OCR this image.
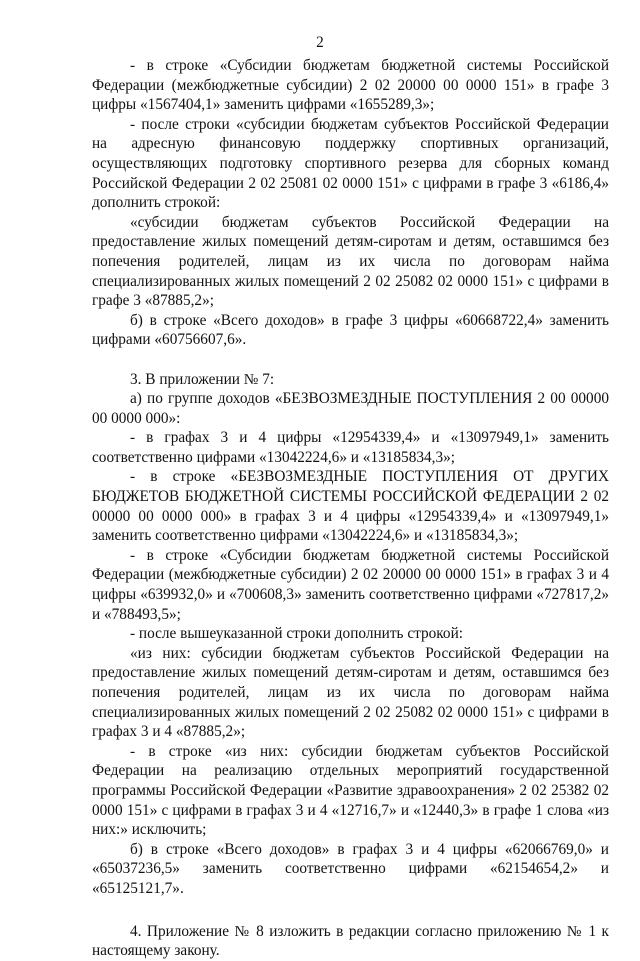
2

- в строке «Субсидии бюджетам бюджетной системы Российской Федерации (межбюджетные субсидии) 2 02 20000 00 0000 151» в графе 3 цифры «1567404,1» заменить цифрами «1655289,3»;

- после строки «субсидии бюджетам субъектов Российской Федерации на адресную финансовую поддержку спортивных организаций, осуществляющих подготовку спортивного резерва для сборных команд Российской Федерации 2 02 25081 02 0000 151» с цифрами в графе 3 «6186,4» дополнить строкой:

«субсидии бюджетам субъектов Российской Федерации на предоставление жилых помещений детям-сиротам и детям, оставшимся без попечения родителей, лицам из их числа по договорам найма специализированных жилых помещений 2 02 25082 02 0000 151» с цифрами в графе 3 «87885,2»;

б) в строке «Всего доходов» в графе 3 цифры «60668722,4» заменить цифрами «60756607,6».

3. В приложении № 7:

а) по группе доходов «БЕЗВОЗМЕЗДНЫЕ ПОСТУПЛЕНИЯ 2 00 00000 00 0000 000»:

- в графах 3 и 4 цифры «12954339,4» и «13097949,1» заменить соответственно цифрами «13042224,6» и «13185834,3»;

- в строке «БЕЗВОЗМЕЗДНЫЕ ПОСТУПЛЕНИЯ ОТ ДРУГИХ БЮДЖЕТОВ БЮДЖЕТНОЙ СИСТЕМЫ РОССИЙСКОЙ ФЕДЕРАЦИИ 2 02 00000 00 0000 000» в графах 3 и 4 цифры «12954339,4» и «13097949,1» заменить соответственно цифрами «13042224,6» и «13185834,3»;

- в строке «Субсидии бюджетам бюджетной системы Российской Федерации (межбюджетные субсидии) 2 02 20000 00 0000 151» в графах 3 и 4 цифры «639932,0» и «700608,3» заменить соответственно цифрами «727817,2» и «788493,5»;

- после вышеуказанной строки дополнить строкой:

«из них: субсидии бюджетам субъектов Российской Федерации на предоставление жилых помещений детям-сиротам и детям, оставшимся без попечения родителей, лицам из их числа по договорам найма специализированных жилых помещений 2 02 25082 02 0000 151» с цифрами в графах 3 и 4 «87885,2»;

- в строке «из них: субсидии бюджетам субъектов Российской Федерации на реализацию отдельных мероприятий государственной программы Российской Федерации «Развитие здравоохранения» 2 02 25382 02 0000 151» с цифрами в графах 3 и 4 «12716,7» и «12440,3» в графе 1 слова «из них:» исключить;

б) в строке «Всего доходов» в графах 3 и 4 цифры «62066769,0» и «65037236,5» заменить соответственно цифрами «62154654,2» и «65125121,7».

4. Приложение № 8 изложить в редакции согласно приложению № 1 к настоящему закону.
